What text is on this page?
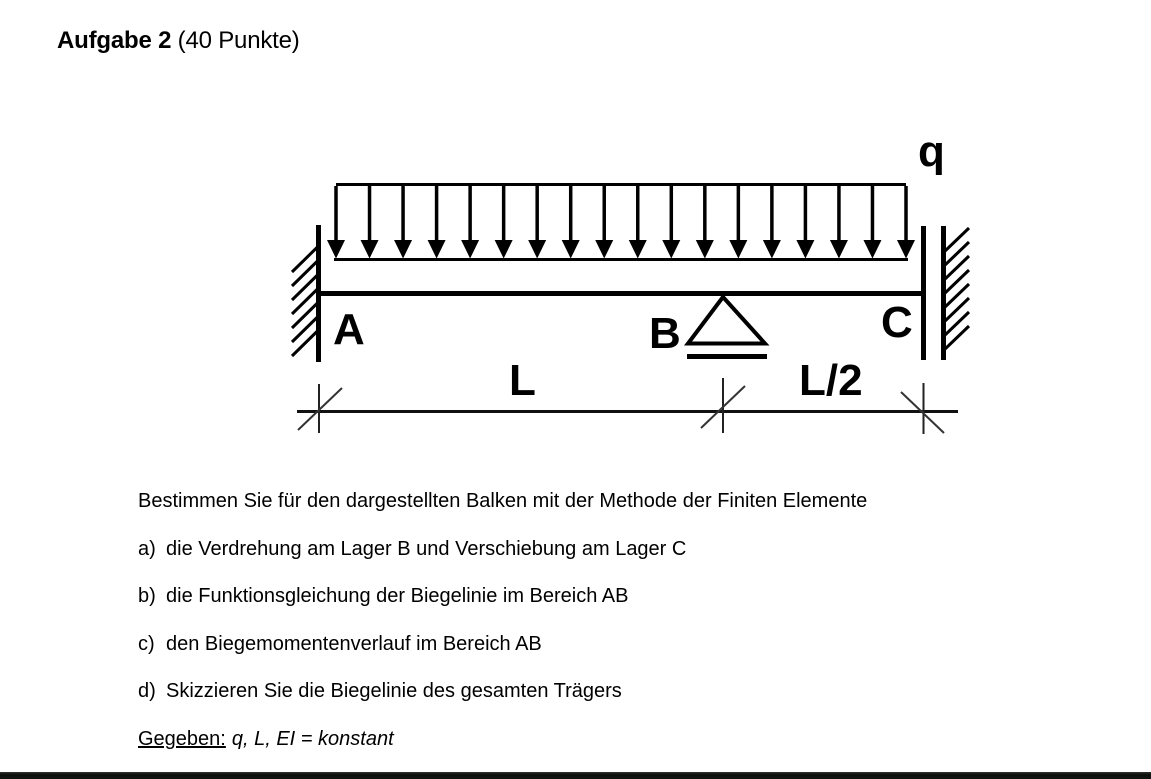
Aufgabe 2 (40 Punkte)
q
A	B	C
L	L/2
Bestimmen Sie für den dargestellten Balken mit der Methode der Finiten Elemente
a) die Verdrehung am Lager B und Verschiebung am Lager C
b) die Funktionsgleichung der Biegelinie im Bereich AB
c) den Biegemomentenverlauf im Bereich AB
d) Skizzieren Sie die Biegelinie des gesamten Trägers
Gegeben: q, L, EI = konstant
